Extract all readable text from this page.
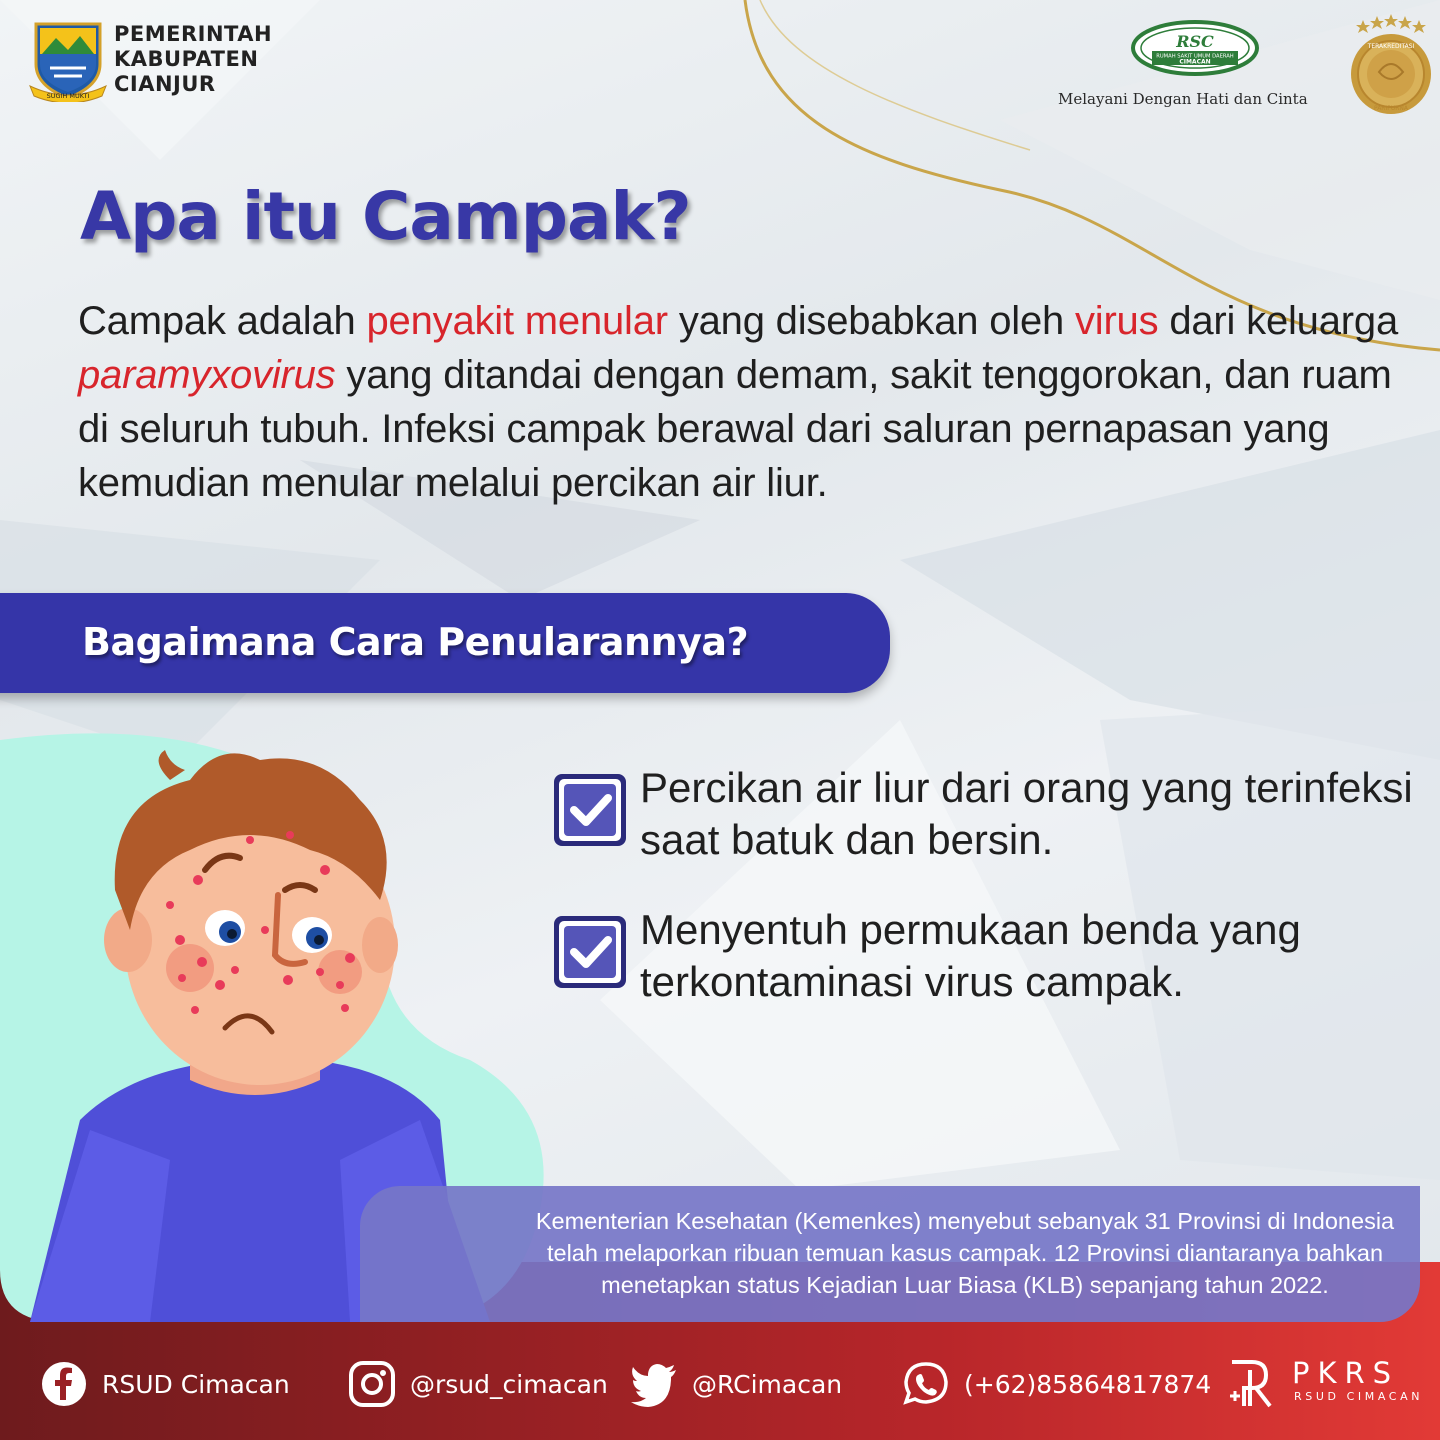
SUGIH MUKTI
PEMERINTAH
KABUPATEN
CIANJUR
RSC
RUMAH SAKIT UMUM DAERAH
CIMACAN
Melayani Dengan Hati dan Cinta
TERAKREDITASI
PARIPURNA
Apa itu Campak?

Campak adalah penyakit menular yang disebabkan oleh virus dari keluarga paramyxovirus yang ditandai dengan demam, sakit tenggorokan, dan ruam di seluruh tubuh. Infeksi campak berawal dari saluran pernapasan yang kemudian menular melalui percikan air liur.

Bagaimana Cara Penularannya?
Percikan air liur dari orang yang terinfeksi saat batuk dan bersin.
Menyentuh permukaan benda yang terkontaminasi virus campak.

Kementerian Kesehatan (Kemenkes) menyebut sebanyak 31 Provinsi di Indonesia telah melaporkan ribuan temuan kasus campak. 12 Provinsi diantaranya bahkan menetapkan status Kejadian Luar Biasa (KLB) sepanjang tahun 2022.

RSUD Cimacan	@rsud_cimacan	@RCimacan	(+62)85864817874	PKRS
RSUD CIMACAN
